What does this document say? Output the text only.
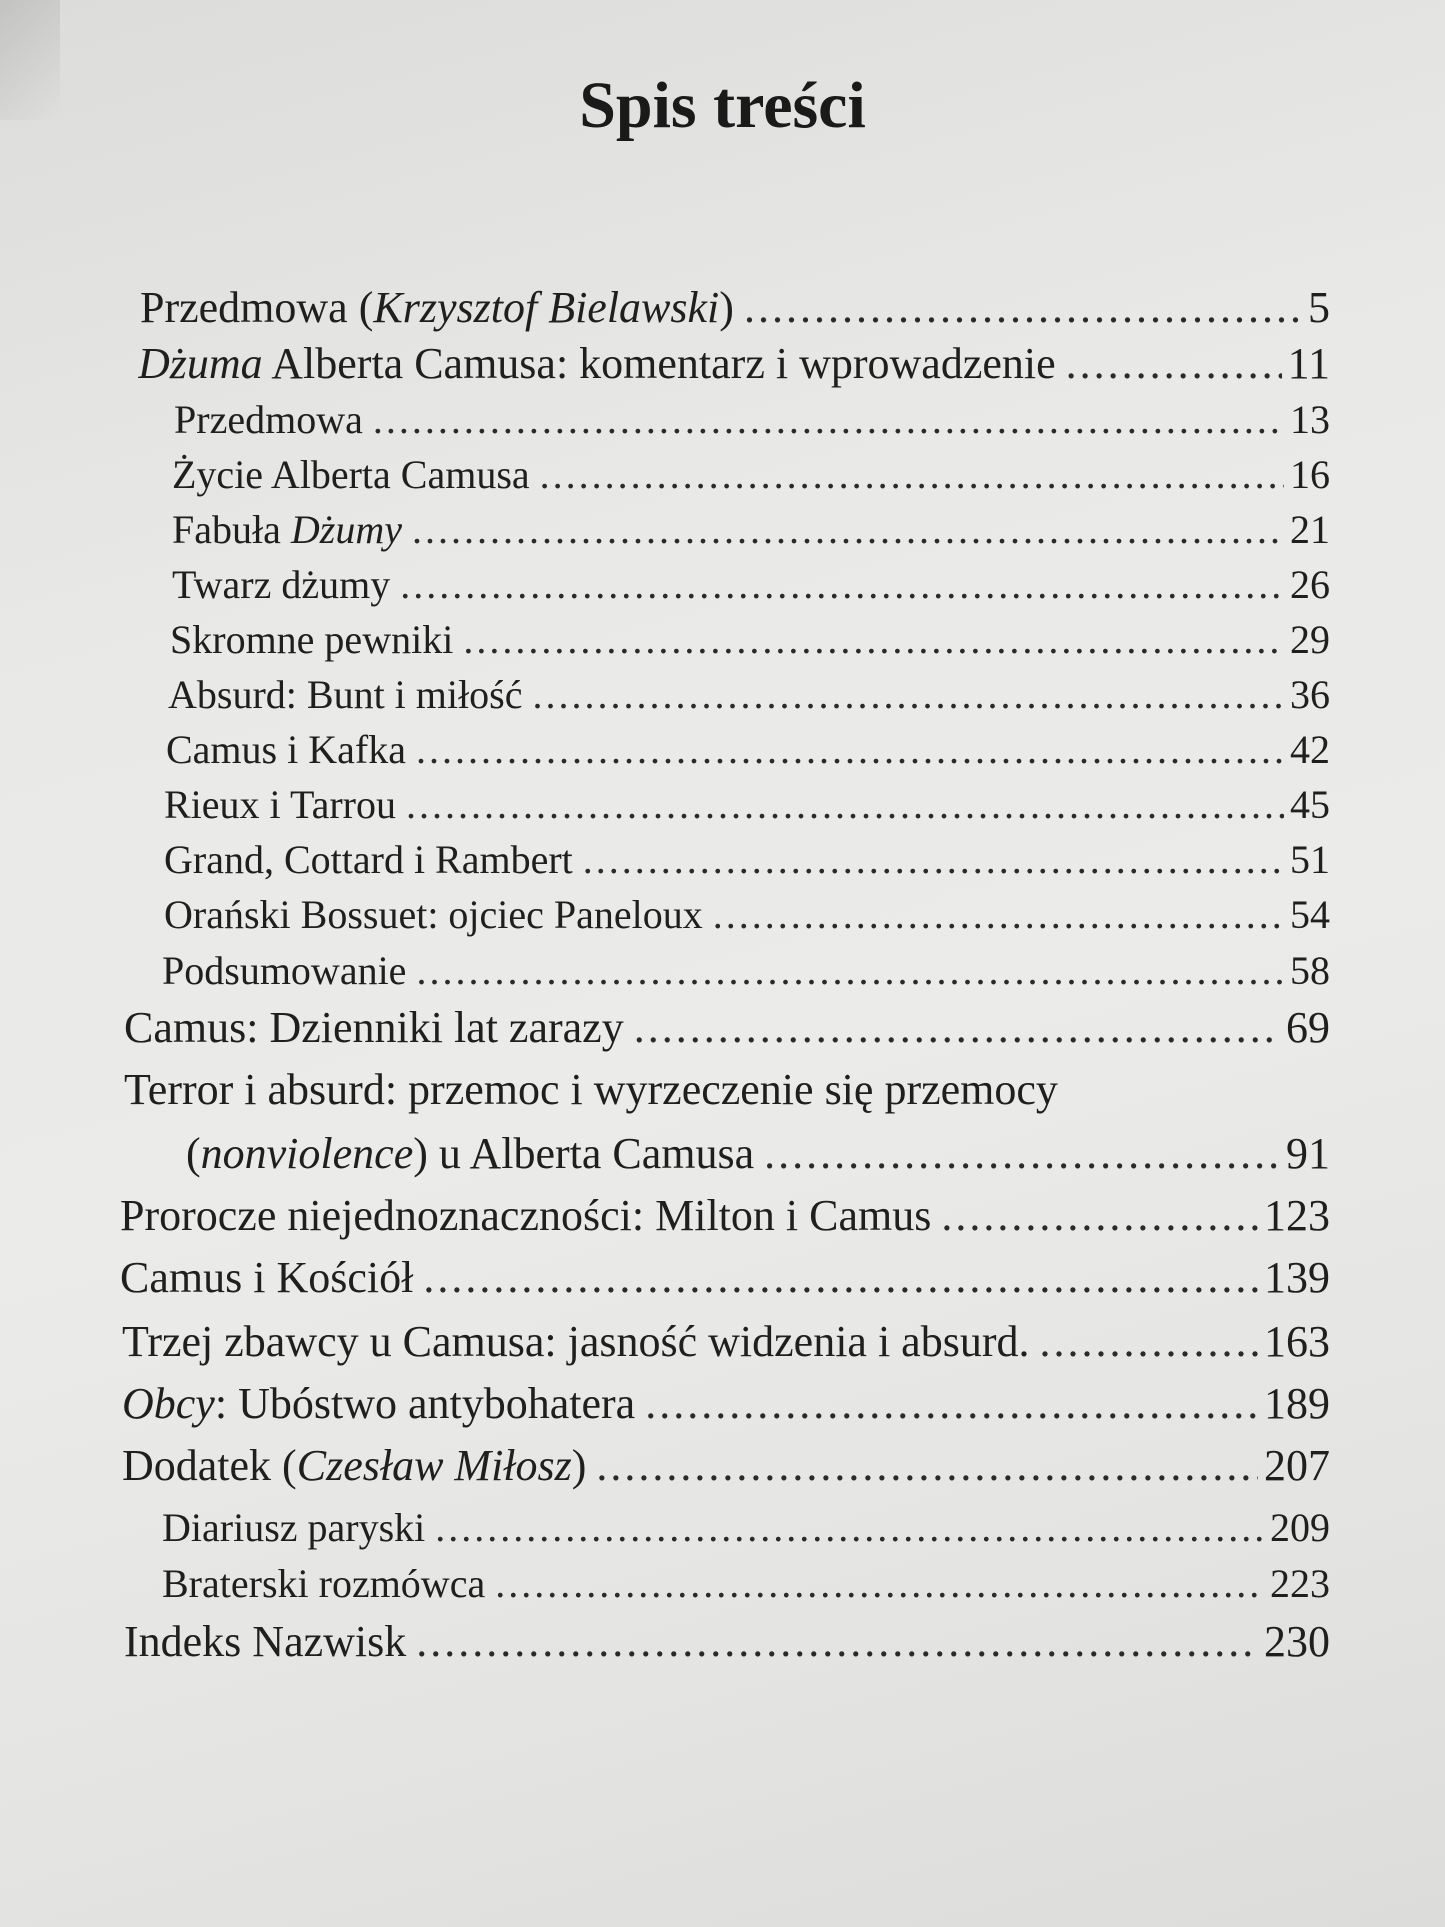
Spis treści
Przedmowa (Krzysztof Bielawski) .....	5
Dżuma Alberta Camusa: komentarz i wprowadzenie .....	11
Przedmowa .....	13
Życie Alberta Camusa .....	16
Fabuła Dżumy .....	21
Twarz dżumy .....	26
Skromne pewniki .....	29
Absurd: Bunt i miłość .....	36
Camus i Kafka .....	42
Rieux i Tarrou .....	45
Grand, Cottard i Rambert .....	51
Orański Bossuet: ojciec Paneloux .....	54
Podsumowanie .....	58
Camus: Dzienniki lat zarazy .....	69
Terror i absurd: przemoc i wyrzeczenie się przemocy
(nonviolence) u Alberta Camusa .....	91
Prorocze niejednoznaczności: Milton i Camus .....	123
Camus i Kościół .....	139
Trzej zbawcy u Camusa: jasność widzenia i absurd. .....	163
Obcy: Ubóstwo antybohatera .....	189
Dodatek (Czesław Miłosz) .....	207
Diariusz paryski .....	209
Braterski rozmówca .....	223
Indeks Nazwisk .....	230
